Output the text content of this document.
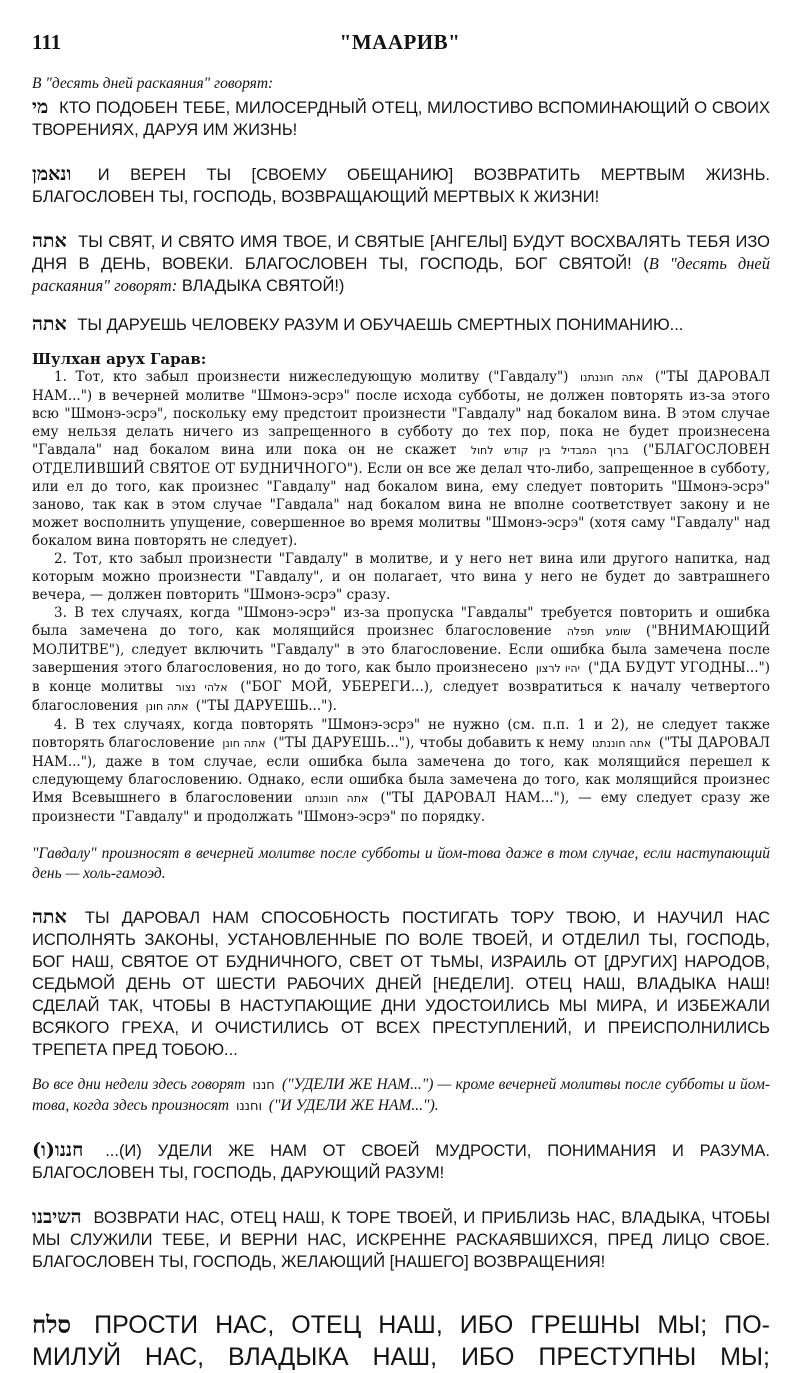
111	"МААРИВ"

В "десять дней раскаяния" говорят:

מי КТО ПОДОБЕН ТЕБЕ, МИЛОСЕРДНЫЙ ОТЕЦ, МИЛОСТИВО ВСПОМИНАЮЩИЙ О СВОИХ ТВОРЕНИЯХ, ДАРУЯ ИМ ЖИЗНЬ!

ונאמן И ВЕРЕН ТЫ [СВОЕМУ ОБЕЩАНИЮ] ВОЗВРАТИТЬ МЕРТВЫМ ЖИЗНЬ. БЛАГОСЛОВЕН ТЫ, ГОСПОДЬ, ВОЗВРАЩАЮЩИЙ МЕРТВЫХ К ЖИЗНИ!

אתה ТЫ СВЯТ, И СВЯТО ИМЯ ТВОЕ, И СВЯТЫЕ [АНГЕЛЫ] БУДУТ ВОСХВАЛЯТЬ ТЕБЯ ИЗО ДНЯ В ДЕНЬ, ВОВЕКИ. БЛАГОСЛОВЕН ТЫ, ГОСПОДЬ, БОГ СВЯТОЙ! (В "десять дней раскаяния" говорят: ВЛАДЫКА СВЯТОЙ!)

אתה ТЫ ДАРУЕШЬ ЧЕЛОВЕКУ РАЗУМ И ОБУЧАЕШЬ СМЕРТНЫХ ПОНИМАНИЮ...

Шулхан арух Гарав:

1. Тот, кто забыл произнести нижеследующую молитву ("Гавдалу") אתה חוננתנו ("ТЫ ДАРОВАЛ НАМ...") в вечерней молитве "Шмонэ-эсрэ" после исхода субботы, не должен повторять из-за этого всю "Шмонэ-эсрэ", поскольку ему предстоит произнести "Гавдалу" над бокалом вина. В этом случае ему нельзя делать ничего из запрещенного в субботу до тех пор, пока не будет произнесена "Гавдала" над бокалом вина или пока он не скажет ברוך המבדיל בין קודש לחול ("БЛАГОСЛОВЕН ОТДЕЛИВШИЙ СВЯТОЕ ОТ БУДНИЧНОГО"). Если он все же делал что-либо, запрещенное в субботу, или ел до того, как произнес "Гавдалу" над бокалом вина, ему следует повторить "Шмонэ-эсрэ" заново, так как в этом случае "Гавдала" над бокалом вина не вполне соответствует закону и не может восполнить упущение, совершенное во время молитвы "Шмонэ-эсрэ" (хотя саму "Гавдалу" над бокалом вина повторять не следует).

2. Тот, кто забыл произнести "Гавдалу" в молитве, и у него нет вина или другого напитка, над которым можно произнести "Гавдалу", и он полагает, что вина у него не будет до завтрашнего вечера, — должен повторить "Шмонэ-эсрэ" сразу.

3. В тех случаях, когда "Шмонэ-эсрэ" из-за пропуска "Гавдалы" требуется повторить и ошибка была замечена до того, как молящийся произнес благословение שומע תפלה ("ВНИМАЮЩИЙ МОЛИТВЕ"), следует включить "Гавдалу" в это благословение. Если ошибка была замечена после завершения этого благословения, но до того, как было произнесено יהיו לרצון ("ДА БУДУТ УГОДНЫ...") в конце молитвы אלהי נצור ("БОГ МОЙ, УБЕРЕГИ...), следует возвратиться к началу четвертого благословения אתה חונן ("ТЫ ДАРУЕШЬ...").

4. В тех случаях, когда повторять "Шмонэ-эсрэ" не нужно (см. п.п. 1 и 2), не следует также повторять благословение אתה חונן ("ТЫ ДАРУЕШЬ..."), чтобы добавить к нему אתה חוננתנו ("ТЫ ДАРОВАЛ НАМ..."), даже в том случае, если ошибка была замечена до того, как молящийся перешел к следующему благословению. Однако, если ошибка была замечена до того, как молящийся произнес Имя Всевышнего в благословении אתה חוננתנו ("ТЫ ДАРОВАЛ НАМ..."), — ему следует сразу же произнести "Гавдалу" и продолжать "Шмонэ-эсрэ" по порядку.

"Гавдалу" произносят в вечерней молитве после субботы и йом-това даже в том случае, если наступающий день — холь-гамоэд.

אתה ТЫ ДАРОВАЛ НАМ СПОСОБНОСТЬ ПОСТИГАТЬ ТОРУ ТВОЮ, И НАУЧИЛ НАС ИСПОЛНЯТЬ ЗАКОНЫ, УСТАНОВЛЕННЫЕ ПО ВОЛЕ ТВОЕЙ, И ОТДЕЛИЛ ТЫ, ГОСПОДЬ, БОГ НАШ, СВЯТОЕ ОТ БУДНИЧНОГО, СВЕТ ОТ ТЬМЫ, ИЗРАИЛЬ ОТ [ДРУГИХ] НАРОДОВ, СЕДЬМОЙ ДЕНЬ ОТ ШЕСТИ РАБОЧИХ ДНЕЙ [НЕДЕЛИ]. ОТЕЦ НАШ, ВЛАДЫКА НАШ! СДЕЛАЙ ТАК, ЧТОБЫ В НАСТУПАЮЩИЕ ДНИ УДОСТОИЛИСЬ МЫ МИРА, И ИЗБЕЖАЛИ ВСЯКОГО ГРЕХА, И ОЧИСТИЛИСЬ ОТ ВСЕХ ПРЕСТУПЛЕНИЙ, И ПРЕИСПОЛНИЛИСЬ ТРЕПЕТА ПРЕД ТОБОЮ...

Во все дни недели здесь говорят חננו ("УДЕЛИ ЖЕ НАМ...") — кроме вечерней молитвы после субботы и йом-това, когда здесь произносят וחננו ("И УДЕЛИ ЖЕ НАМ...").

(ו)חננו ...(И) УДЕЛИ ЖЕ НАМ ОТ СВОЕЙ МУДРОСТИ, ПОНИМАНИЯ И РАЗУМА. БЛАГОСЛОВЕН ТЫ, ГОСПОДЬ, ДАРУЮЩИЙ РАЗУМ!

השיבנו ВОЗВРАТИ НАС, ОТЕЦ НАШ, К ТОРЕ ТВОЕЙ, И ПРИБЛИЗЬ НАС, ВЛАДЫКА, ЧТОБЫ МЫ СЛУЖИЛИ ТЕБЕ, И ВЕРНИ НАС, ИСКРЕННЕ РАСКАЯВШИХСЯ, ПРЕД ЛИЦО СВОЕ. БЛАГОСЛОВЕН ТЫ, ГОСПОДЬ, ЖЕЛАЮЩИЙ [НАШЕГО] ВОЗВРАЩЕНИЯ!

סלח ПРОСТИ НАС, ОТЕЦ НАШ, ИБО ГРЕШНЫ МЫ; ПО-

МИЛУЙ НАС, ВЛАДЫКА НАШ, ИБО ПРЕСТУПНЫ МЫ;
